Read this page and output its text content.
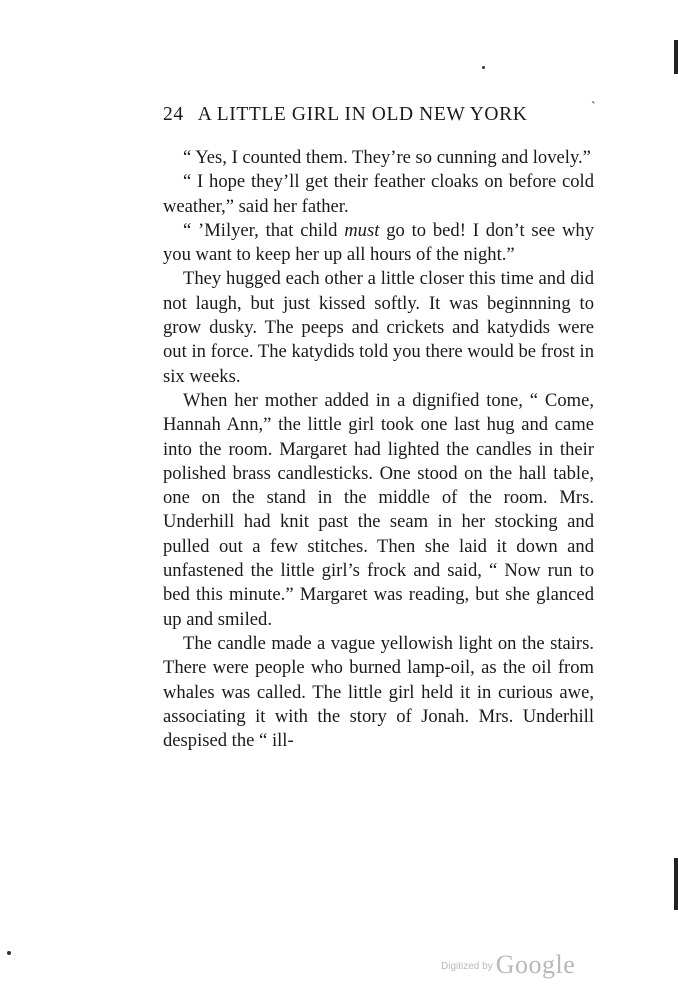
24 A LITTLE GIRL IN OLD NEW YORK	ˋ

“ Yes, I counted them. They’re so cunning and lovely.”

“ I hope they’ll get their feather cloaks on before cold weather,” said her father.

“ ’Milyer, that child must go to bed! I don’t see why you want to keep her up all hours of the night.”

They hugged each other a little closer this time and did not laugh, but just kissed softly. It was beginnning to grow dusky. The peeps and crickets and katydids were out in force. The katydids told you there would be frost in six weeks.

When her mother added in a dignified tone, “ Come, Hannah Ann,” the little girl took one last hug and came into the room. Margaret had lighted the candles in their polished brass candlesticks. One stood on the hall table, one on the stand in the middle of the room. Mrs. Underhill had knit past the seam in her stocking and pulled out a few stitches. Then she laid it down and unfastened the little girl’s frock and said, “ Now run to bed this minute.” Margaret was reading, but she glanced up and smiled.

The candle made a vague yellowish light on the stairs. There were people who burned lamp-oil, as the oil from whales was called. The little girl held it in curious awe, associating it with the story of Jonah. Mrs. Underhill despised the “ ill-

$^{Digitized by}$ Google
